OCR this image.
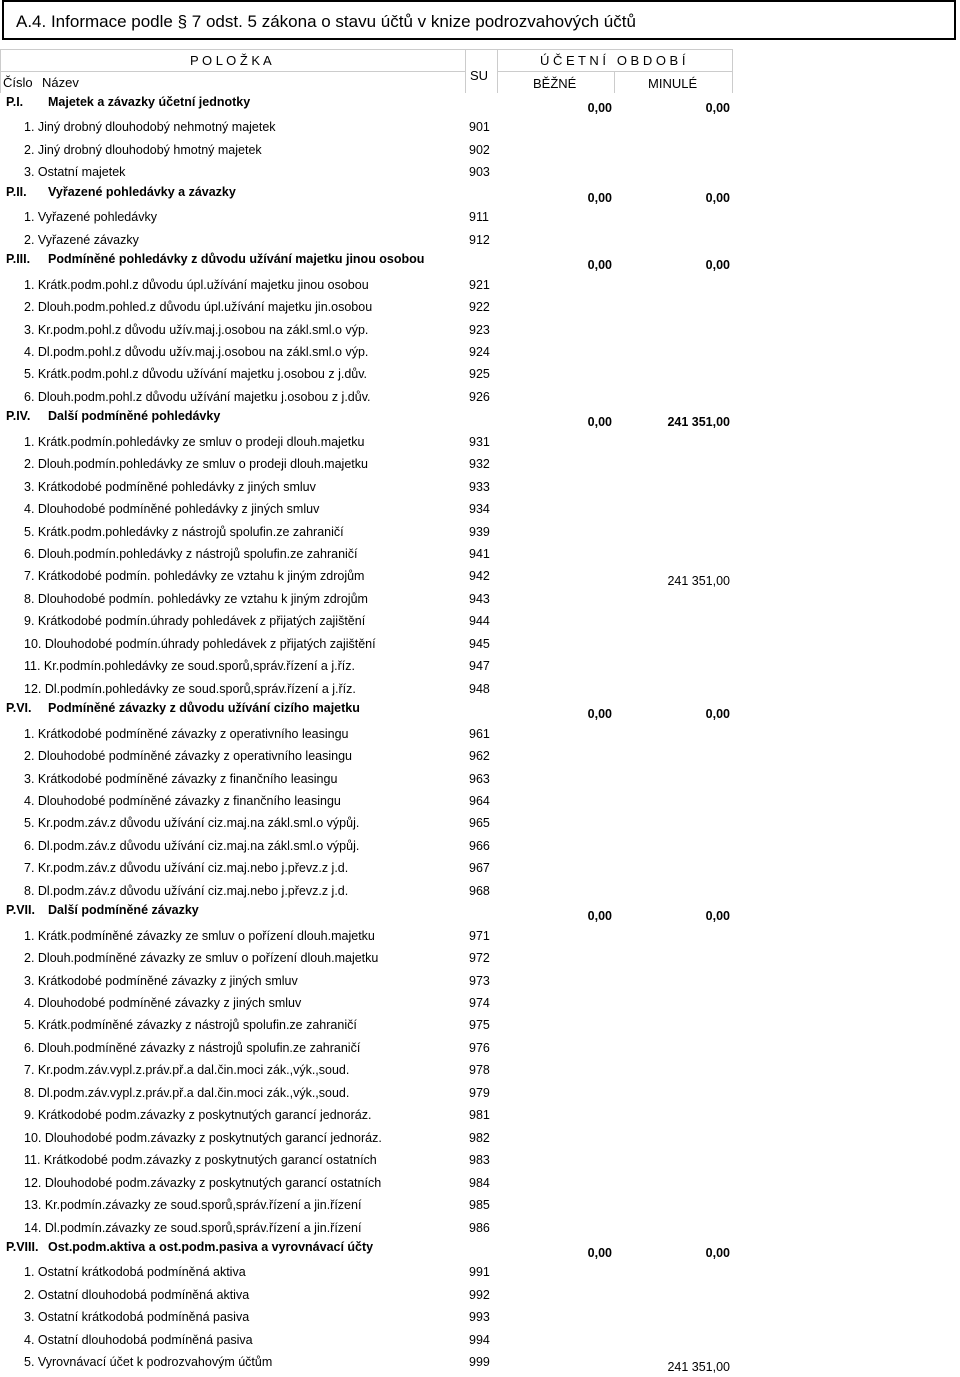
A.4. Informace podle § 7 odst. 5 zákona o stavu účtů v knize podrozvahových účtů
P O L O Ž K A	Ú Č E T N Í   O B D O B Í
Číslo Název	SU
BĚŽNÉ	MINULÉ
P.I. Majetek a závazky účetní jednotky	0,00	0,00
1. Jiný drobný dlouhodobý nehmotný majetek	901
2. Jiný drobný dlouhodobý hmotný majetek	902
3. Ostatní majetek	903
P.II. Vyřazené pohledávky a závazky	0,00	0,00
1. Vyřazené pohledávky	911
2. Vyřazené závazky	912
P.III. Podmíněné pohledávky z důvodu užívání majetku jinou osobou	0,00	0,00
1. Krátk.podm.pohl.z důvodu úpl.užívání majetku jinou osobou	921
2. Dlouh.podm.pohled.z důvodu úpl.užívání majetku jin.osobou	922
3. Kr.podm.pohl.z důvodu užív.maj.j.osobou na zákl.sml.o výp.	923
4. Dl.podm.pohl.z důvodu užív.maj.j.osobou na zákl.sml.o výp.	924
5. Krátk.podm.pohl.z důvodu užívání majetku j.osobou z j.dův.	925
6. Dlouh.podm.pohl.z důvodu užívání majetku j.osobou z j.dův.	926
P.IV. Další podmíněné pohledávky	0,00	241 351,00
1. Krátk.podmín.pohledávky ze smluv o prodeji dlouh.majetku	931
2. Dlouh.podmín.pohledávky ze smluv o prodeji dlouh.majetku	932
3. Krátkodobé podmíněné pohledávky z jiných smluv	933
4. Dlouhodobé podmíněné pohledávky z jiných smluv	934
5. Krátk.podm.pohledávky z nástrojů spolufin.ze zahraničí	939
6. Dlouh.podmín.pohledávky z nástrojů spolufin.ze zahraničí	941
7. Krátkodobé podmín. pohledávky ze vztahu k jiným zdrojům	942	241 351,00
8. Dlouhodobé podmín. pohledávky ze vztahu k jiným zdrojům	943
9. Krátkodobé podmín.úhrady pohledávek z přijatých zajištění	944
10. Dlouhodobé podmín.úhrady pohledávek z přijatých zajištění	945
11. Kr.podmín.pohledávky ze soud.sporů,správ.řízení a j.říz.	947
12. Dl.podmín.pohledávky ze soud.sporů,správ.řízení a j.říz.	948
P.VI. Podmíněné závazky z důvodu užívání cizího majetku	0,00	0,00
1. Krátkodobé podmíněné závazky z operativního leasingu	961
2. Dlouhodobé podmíněné závazky z operativního leasingu	962
3. Krátkodobé podmíněné závazky z finančního leasingu	963
4. Dlouhodobé podmíněné závazky z finančního leasingu	964
5. Kr.podm.záv.z důvodu užívání ciz.maj.na zákl.sml.o výpůj.	965
6. Dl.podm.záv.z důvodu užívání ciz.maj.na zákl.sml.o výpůj.	966
7. Kr.podm.záv.z důvodu užívání ciz.maj.nebo j.převz.z j.d.	967
8. Dl.podm.záv.z důvodu užívání ciz.maj.nebo j.převz.z j.d.	968
P.VII. Další podmíněné závazky	0,00	0,00
1. Krátk.podmíněné závazky ze smluv o pořízení dlouh.majetku	971
2. Dlouh.podmíněné závazky ze smluv o pořízení dlouh.majetku	972
3. Krátkodobé podmíněné závazky z jiných smluv	973
4. Dlouhodobé podmíněné závazky z jiných smluv	974
5. Krátk.podmíněné závazky z nástrojů spolufin.ze zahraničí	975
6. Dlouh.podmíněné závazky z nástrojů spolufin.ze zahraničí	976
7. Kr.podm.záv.vypl.z.práv.př.a dal.čin.moci zák.,výk.,soud.	978
8. Dl.podm.záv.vypl.z.práv.př.a dal.čin.moci zák.,výk.,soud.	979
9. Krátkodobé podm.závazky z poskytnutých garancí jednoráz.	981
10. Dlouhodobé podm.závazky z poskytnutých garancí jednoráz.	982
11. Krátkodobé podm.závazky z poskytnutých garancí ostatních	983
12. Dlouhodobé podm.závazky z poskytnutých garancí ostatních	984
13. Kr.podmín.závazky ze soud.sporů,správ.řízení a jin.řízení	985
14. Dl.podmín.závazky ze soud.sporů,správ.řízení a jin.řízení	986
P.VIII. Ost.podm.aktiva a ost.podm.pasiva a vyrovnávací účty	0,00	0,00
1. Ostatní krátkodobá podmíněná aktiva	991
2. Ostatní dlouhodobá podmíněná aktiva	992
3. Ostatní krátkodobá podmíněná pasiva	993
4. Ostatní dlouhodobá podmíněná pasiva	994
5. Vyrovnávací účet k podrozvahovým účtům	999	241 351,00
